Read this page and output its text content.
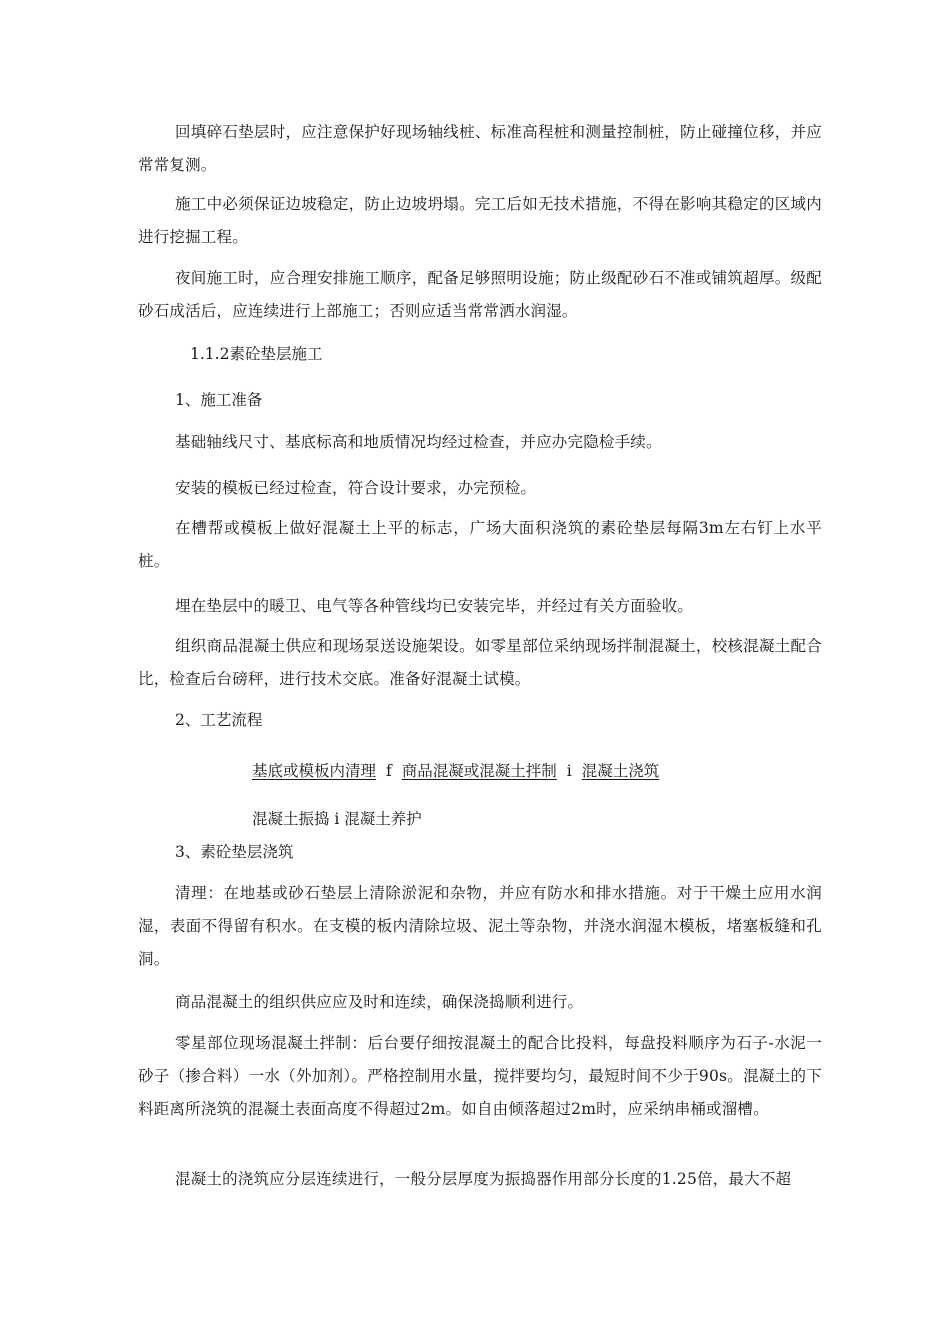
回填碎石垫层时，应注意保护好现场轴线桩、标准高程桩和测量控制桩，防止碰撞位移，并应常常复测。

施工中必须保证边坡稳定，防止边坡坍塌。完工后如无技术措施，不得在影响其稳定的区域内进行挖掘工程。

夜间施工时，应合理安排施工顺序，配备足够照明设施；防止级配砂石不准或铺筑超厚。级配砂石成活后，应连续进行上部施工；否则应适当常常洒水润湿。

1.1.2素砼垫层施工

1、施工准备

基础轴线尺寸、基底标高和地质情况均经过检查，并应办完隐检手续。

安装的模板已经过检查，符合设计要求，办完预检。

在槽帮或模板上做好混凝土上平的标志，广场大面积浇筑的素砼垫层每隔3m左右钉上水平桩。

埋在垫层中的暖卫、电气等各种管线均已安装完毕，并经过有关方面验收。

组织商品混凝土供应和现场泵送设施架设。如零星部位采纳现场拌制混凝土，校核混凝土配合比，检查后台磅秤，进行技术交底。准备好混凝土试模。

2、工艺流程

基底或模板内清理 f 商品混凝或混凝土拌制 i 混凝土浇筑
混凝土振捣 i 混凝土养护

3、素砼垫层浇筑

清理：在地基或砂石垫层上清除淤泥和杂物，并应有防水和排水措施。对于干燥土应用水润湿，表面不得留有积水。在支模的板内清除垃圾、泥土等杂物，并浇水润湿木模板，堵塞板缝和孔洞。

商品混凝土的组织供应应及时和连续，确保浇捣顺利进行。

零星部位现场混凝土拌制：后台要仔细按混凝土的配合比投料，每盘投料顺序为石子-水泥一砂子（掺合料）一水（外加剂）。严格控制用水量，搅拌要均匀，最短时间不少于90s。混凝土的下料距离所浇筑的混凝土表面高度不得超过2m。如自由倾落超过2m时，应采纳串桶或溜槽。

混凝土的浇筑应分层连续进行，一般分层厚度为振捣器作用部分长度的1.25倍，最大不超
